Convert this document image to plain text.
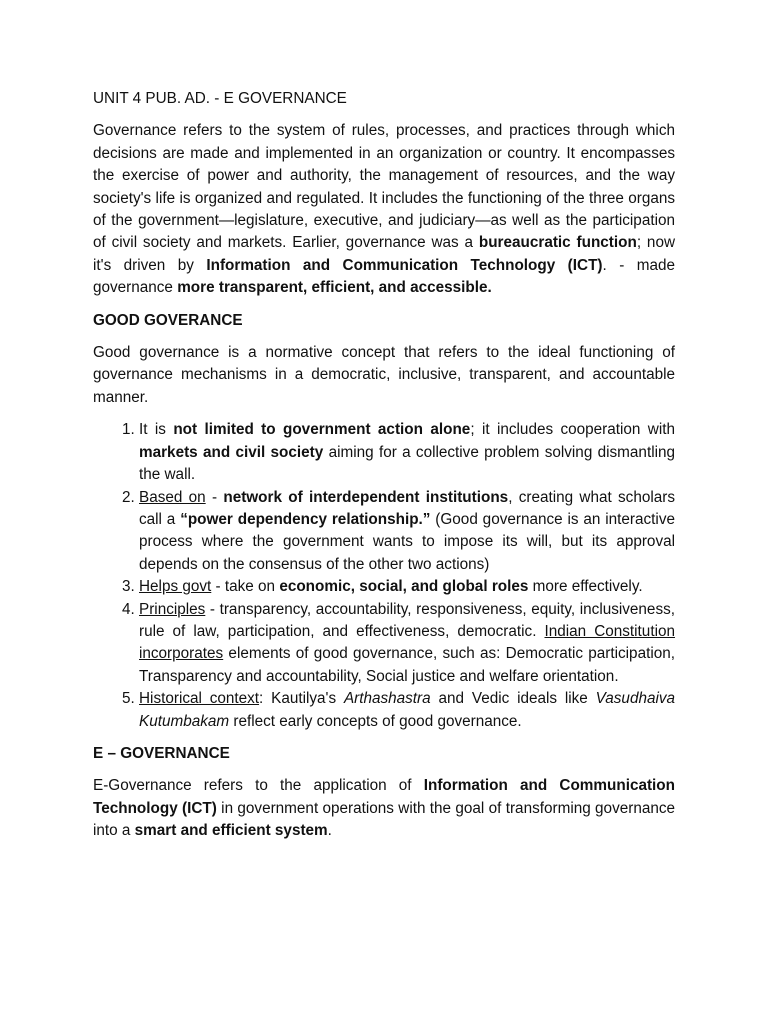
UNIT 4 PUB. AD. - E GOVERNANCE

Governance refers to the system of rules, processes, and practices through which decisions are made and implemented in an organization or country. It encompasses the exercise of power and authority, the management of resources, and the way society's life is organized and regulated. It includes the functioning of the three organs of the government—legislature, executive, and judiciary—as well as the participation of civil society and markets. Earlier, governance was a bureaucratic function; now it's driven by Information and Communication Technology (ICT). - made governance more transparent, efficient, and accessible.

GOOD GOVERANCE

Good governance is a normative concept that refers to the ideal functioning of governance mechanisms in a democratic, inclusive, transparent, and accountable manner.

1. It is not limited to government action alone; it includes cooperation with markets and civil society aiming for a collective problem solving dismantling the wall.
2. Based on - network of interdependent institutions, creating what scholars call a “power dependency relationship.” (Good governance is an interactive process where the government wants to impose its will, but its approval depends on the consensus of the other two actions)
3. Helps govt - take on economic, social, and global roles more effectively.
4. Principles - transparency, accountability, responsiveness, equity, inclusiveness, rule of law, participation, and effectiveness, democratic. Indian Constitution incorporates elements of good governance, such as: Democratic participation, Transparency and accountability, Social justice and welfare orientation.
5. Historical context: Kautilya's Arthashastra and Vedic ideals like Vasudhaiva Kutumbakam reflect early concepts of good governance.
E – GOVERNANCE

E-Governance refers to the application of Information and Communication Technology (ICT) in government operations with the goal of transforming governance into a smart and efficient system.
